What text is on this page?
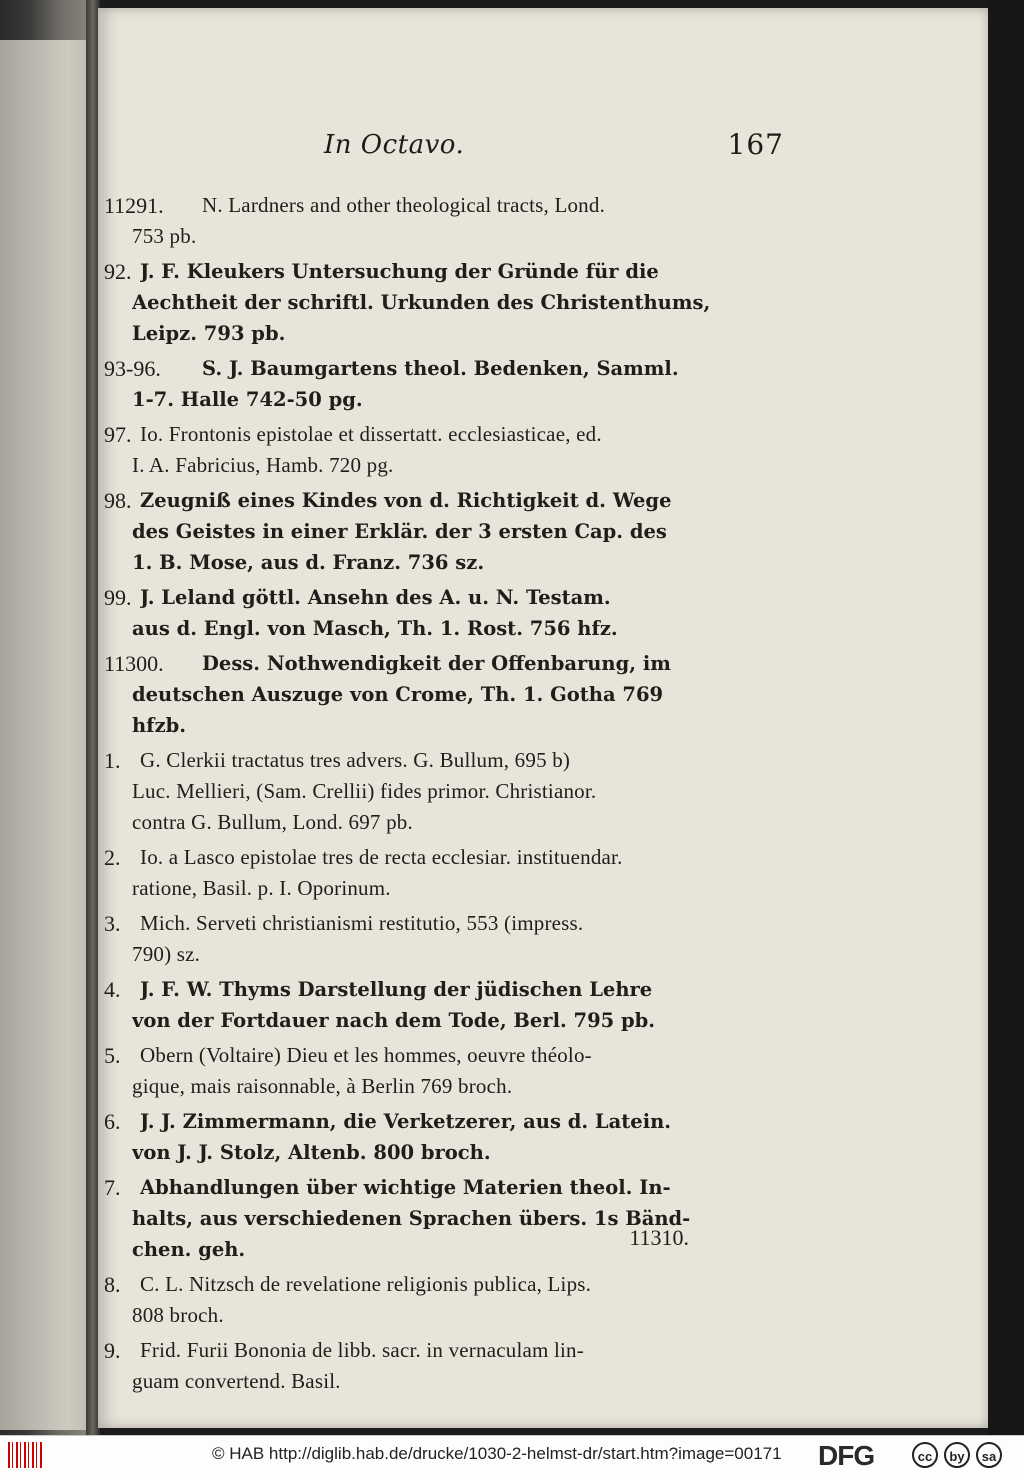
In Octavo.	167
11291.	N. Lardners and other theological tracts, Lond.
753 pb.
92. J. F. Kleukers Untersuchung der Gründe für die
Aechtheit der schriftl. Urkunden des Christenthums,
Leipz. 793 pb.
93-96.	S. J. Baumgartens theol. Bedenken, Samml.
1-7. Halle 742-50 pg.
97. Io. Frontonis epistolae et dissertatt. ecclesiasticae, ed.
I. A. Fabricius, Hamb. 720 pg.
98. Zeugniß eines Kindes von d. Richtigkeit d. Wege
des Geistes in einer Erklär. der 3 ersten Cap. des
1. B. Mose, aus d. Franz. 736 sz.
99. J. Leland göttl. Ansehn des A. u. N. Testam.
aus d. Engl. von Masch, Th. 1. Rost. 756 hfz.
11300.	Dess. Nothwendigkeit der Offenbarung, im
deutschen Auszuge von Crome, Th. 1. Gotha 769
hfzb.
1. G. Clerkii tractatus tres advers. G. Bullum, 695 b)
Luc. Mellieri, (Sam. Crellii) fides primor. Christianor.
contra G. Bullum, Lond. 697 pb.
2. Io. a Lasco epistolae tres de recta ecclesiar. instituendar.
ratione, Basil. p. I. Oporinum.
3. Mich. Serveti christianismi restitutio, 553 (impress.
790) sz.
4.	J. F. W. Thyms Darstellung der jüdischen Lehre
von der Fortdauer nach dem Tode, Berl. 795 pb.
5. Obern (Voltaire) Dieu et les hommes, oeuvre théolo-
gique, mais raisonnable, à Berlin 769 broch.
6.	J. J. Zimmermann, die Verketzerer, aus d. Latein.
von J. J. Stolz, Altenb. 800 broch.
7.	Abhandlungen über wichtige Materien theol. In-
halts, aus verschiedenen Sprachen übers. 1s Bänd-
chen. geh.
8. C. L. Nitzsch de revelatione religionis publica, Lips.
808 broch.
9. Frid. Furii Bononia de libb. sacr. in vernaculam lin-
guam convertend. Basil.
11310.
© HAB http://diglib.hab.de/drucke/1030-2-helmst-dr/start.htm?image=00171 DFG	cc	by	sa
